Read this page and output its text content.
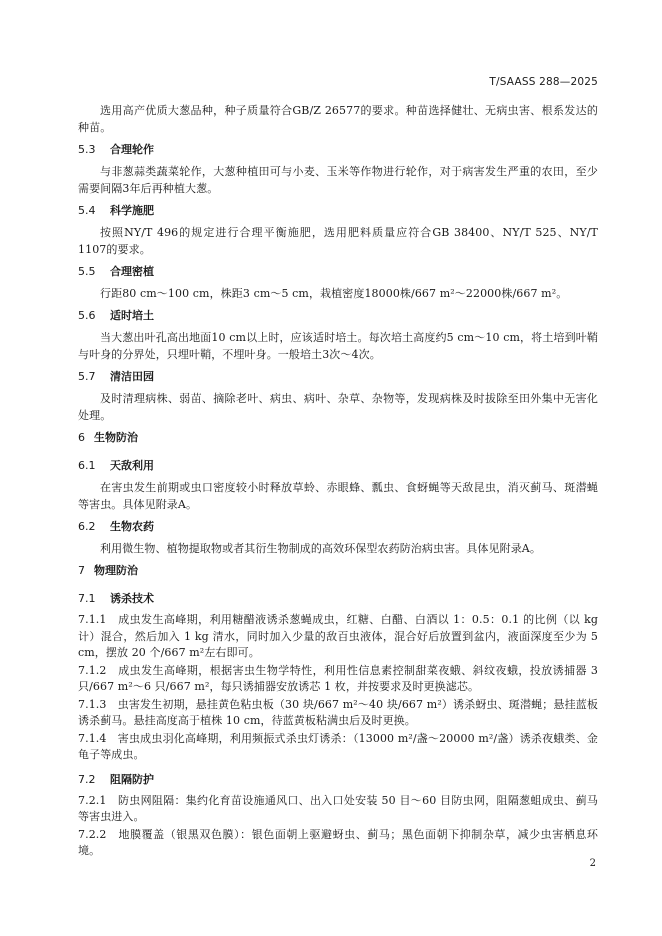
T/SAASS 288—2025

选用高产优质大葱品种，种子质量符合GB/Z 26577的要求。种苗选择健壮、无病虫害、根系发达的种苗。

5.3 合理轮作

与非葱蒜类蔬菜轮作，大葱种植田可与小麦、玉米等作物进行轮作，对于病害发生严重的农田，至少需要间隔3年后再种植大葱。

5.4 科学施肥

按照NY/T 496的规定进行合理平衡施肥，选用肥料质量应符合GB 38400、NY/T 525、NY/T 1107的要求。

5.5 合理密植

行距80 cm～100 cm，株距3 cm～5 cm，栽植密度18000株/667 m²～22000株/667 m²。

5.6 适时培土

当大葱出叶孔高出地面10 cm以上时，应该适时培土。每次培土高度约5 cm～10 cm，将土培到叶鞘与叶身的分界处，只埋叶鞘，不埋叶身。一般培土3次～4次。

5.7 清洁田园

及时清理病株、弱苗、摘除老叶、病虫、病叶、杂草、杂物等，发现病株及时拔除至田外集中无害化处理。

6 生物防治
6.1 天敌利用

在害虫发生前期或虫口密度较小时释放草蛉、赤眼蜂、瓢虫、食蚜蝇等天敌昆虫，消灭蓟马、斑潜蝇等害虫。具体见附录A。

6.2 生物农药

利用微生物、植物提取物或者其衍生物制成的高效环保型农药防治病虫害。具体见附录A。

7 物理防治
7.1 诱杀技术

7.1.1　成虫发生高峰期，利用糖醋液诱杀葱蝇成虫，红糖、白醋、白酒以 1：0.5：0.1 的比例（以 kg 计）混合，然后加入 1 kg 清水，同时加入少量的敌百虫液体，混合好后放置到盆内，液面深度至少为 5 cm，摆放 20 个/667 m²左右即可。

7.1.2　成虫发生高峰期，根据害虫生物学特性，利用性信息素控制甜菜夜蛾、斜纹夜蛾，投放诱捕器 3 只/667 m²～6 只/667 m²，每只诱捕器安放诱芯 1 枚，并按要求及时更换滤芯。

7.1.3　虫害发生初期，悬挂黄色粘虫板（30 块/667 m²～40 块/667 m²）诱杀蚜虫、斑潜蝇；悬挂蓝板诱杀蓟马。悬挂高度高于植株 10 cm，待蓝黄板粘满虫后及时更换。

7.1.4　害虫成虫羽化高峰期，利用频振式杀虫灯诱杀：（13000 m²/盏～20000 m²/盏）诱杀夜蛾类、金龟子等成虫。

7.2 阻隔防护

7.2.1　防虫网阻隔：集约化育苗设施通风口、出入口处安装 50 目～60 目防虫网，阻隔葱蛆成虫、蓟马等害虫进入。

7.2.2　地膜覆盖（银黑双色膜）：银色面朝上驱避蚜虫、蓟马；黑色面朝下抑制杂草，减少虫害栖息环境。

2
